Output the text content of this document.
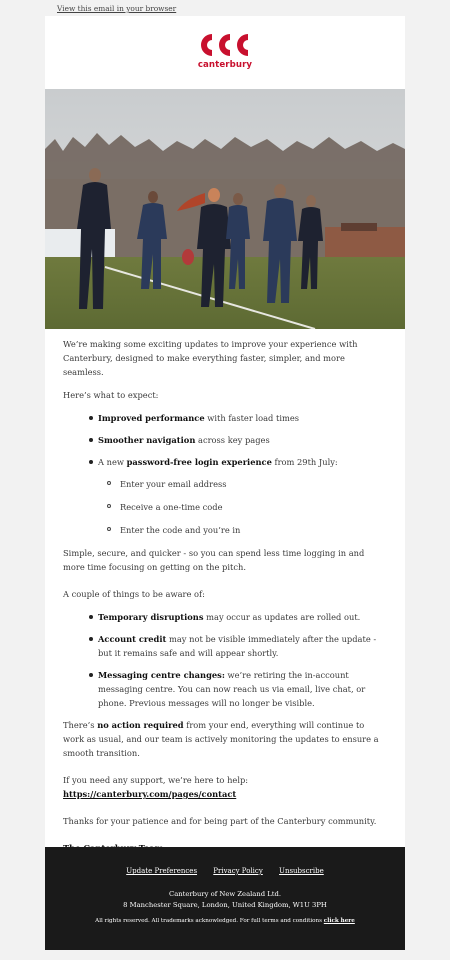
View this email in your browser
canterbury

We’re making some exciting updates to improve your experience with Canterbury, designed to make everything faster, simpler, and more seamless.

Here’s what to expect:

Improved performance with faster load times
Smoother navigation across key pages
A new password-free login experience from 29th July:
Enter your email address
Receive a one-time code
Enter the code and you’re in

Simple, secure, and quicker - so you can spend less time logging in and more time focusing on getting on the pitch.

A couple of things to be aware of:

Temporary disruptions may occur as updates are rolled out.
Account credit may not be visible immediately after the update - but it remains safe and will appear shortly.
Messaging centre changes: we’re retiring the in-account messaging centre. You can now reach us via email, live chat, or phone. Previous messages will no longer be visible.

There’s no action required from your end, everything will continue to work as usual, and our team is actively monitoring the updates to ensure a smooth transition.

If you need any support, we’re here to help:
https://canterbury.com/pages/contact

Thanks for your patience and for being part of the Canterbury community.

Update Preferences Privacy Policy Unsubscribe
Canterbury of New Zealand Ltd.
8 Manchester Square, London, United Kingdom, W1U 3PH
All rights reserved. All trademarks acknowledged. For full terms and conditions click here
